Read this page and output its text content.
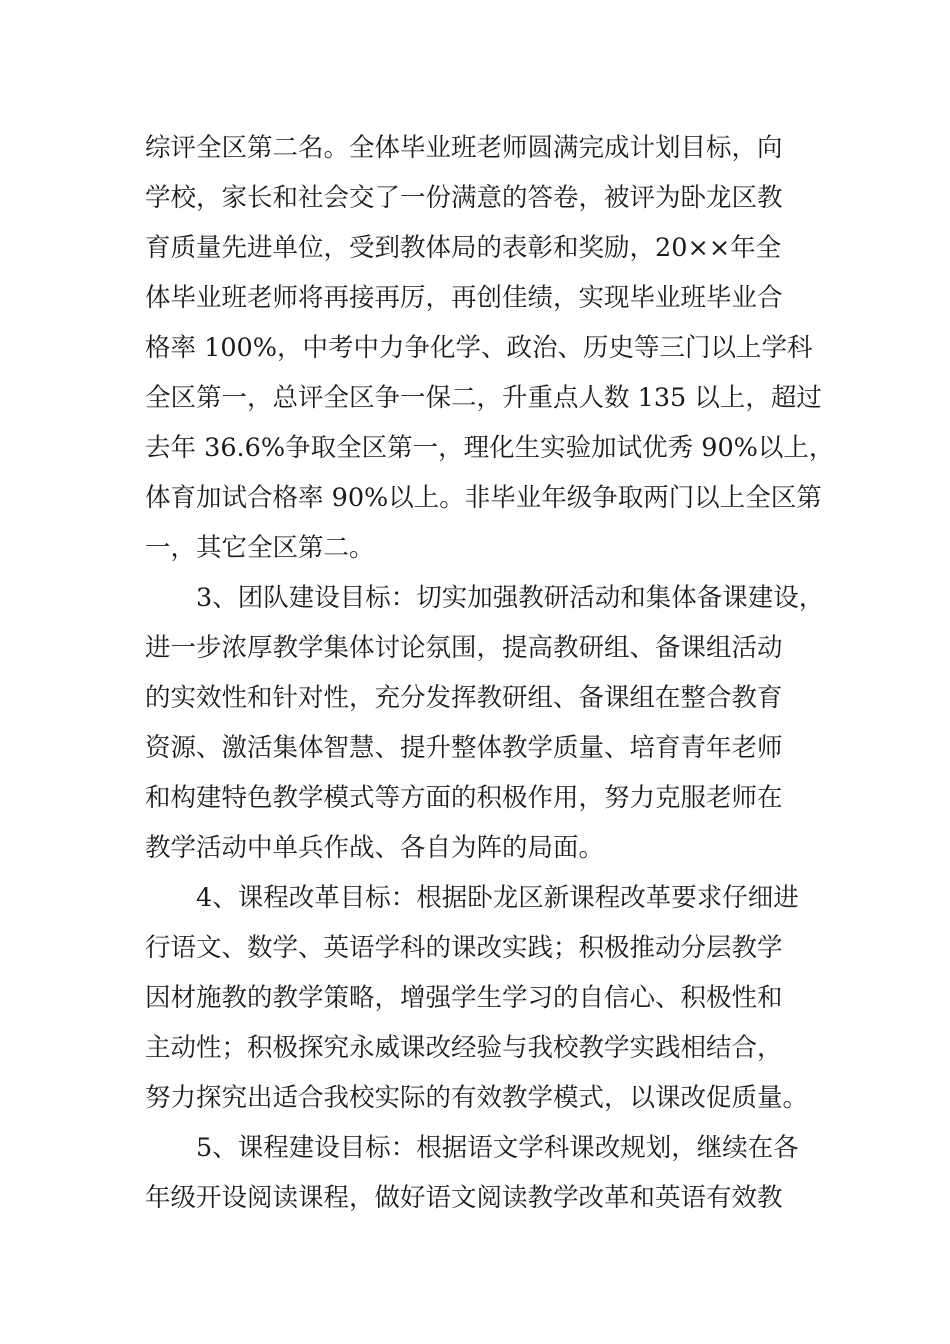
综评全区第二名。全体毕业班老师圆满完成计划目标，向

学校，家长和社会交了一份满意的答卷，被评为卧龙区教

育质量先进单位，受到教体局的表彰和奖励，20××年全

体毕业班老师将再接再厉，再创佳绩，实现毕业班毕业合

格率 100%，中考中力争化学、政治、历史等三门以上学科

全区第一，总评全区争一保二，升重点人数 135 以上，超过

去年 36.6%争取全区第一，理化生实验加试优秀 90%以上，

体育加试合格率 90%以上。非毕业年级争取两门以上全区第

一，其它全区第二。

3、团队建设目标：切实加强教研活动和集体备课建设，

进一步浓厚教学集体讨论氛围，提高教研组、备课组活动

的实效性和针对性，充分发挥教研组、备课组在整合教育

资源、激活集体智慧、提升整体教学质量、培育青年老师

和构建特色教学模式等方面的积极作用，努力克服老师在

教学活动中单兵作战、各自为阵的局面。

4、课程改革目标：根据卧龙区新课程改革要求仔细进

行语文、数学、英语学科的课改实践；积极推动分层教学

因材施教的教学策略，增强学生学习的自信心、积极性和

主动性；积极探究永威课改经验与我校教学实践相结合，

努力探究出适合我校实际的有效教学模式，以课改促质量。

5、课程建设目标：根据语文学科课改规划，继续在各

年级开设阅读课程，做好语文阅读教学改革和英语有效教
